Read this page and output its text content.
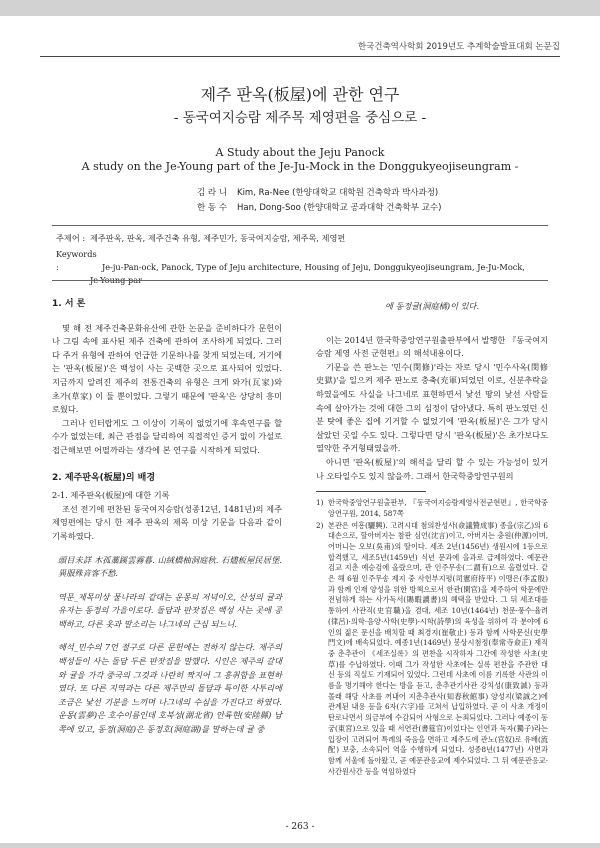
한국건축역사학회 2019년도 추계학술발표대회 논문집
제주 판옥(板屋)에 관한 연구
- 동국여지승람 제주목 제영편을 중심으로 -
A Study about the Jeju Panock
A study on the Je-Young part of the Je-Ju-Mock in the Donggukyeojiseungram -
김 라 니 Kim, Ra-Nee (한양대학교 대학원 건축학과 박사과정)
한 동 수 Han, Dong-Soo (한양대학교 공과대학 건축학부 교수)
주제어 : 제주판옥, 판옥, 제주건축 유형, 제주민가, 동국여지승람, 제주목, 제영편
Keywords :	Je-ju-Pan-ock, Panock, Type of Jeju architecture, Housing of Jeju, Donggukyeojiseungram, Je-Ju-Mock,
Je-Young par

1. 서 론

몇 해 전 제주건축문화유산에 관한 논문을 준비하다가 문헌이나 그림 속에 표사된 제주 건축에 관하여 조사하게 되었다. 그러다 주거 유형에 관하여 언급한 기문하나를 찾게 되었는데, 거기에는 '판옥(板屋)'은 백성이 사는 곳백한 곳으로 표사되어 있었다. 지금까지 알려진 제주의 전통건축의 유형은 크게 와가(瓦家)와 초가(草家) 이 둘 뿐이었다. 그렇기 때문에 '판옥'은 상당히 흥미로웠다.

그러나 인터랍게도 그 이상이 기록이 없었기에 후속연구를 할 수가 없었는데, 최근 관점을 달리하여 직접적인 증거 없이 가설로 접근해보면 어떨까라는 생각에 본 연구를 시작하게 되었다.

2. 제주판옥(板屋)의 배경

2-1. 제주판옥(板屋)에 대한 기록

조선 전기에 편찬된 동국여지승람(성종12년, 1481년)의 제주 제영편에는 당시 한 제주 판옥의 제목 미상 기문을 다음과 같이 기록하였다.

頭目未詳 木孤藁蹊雲霧暮. 山絨橋柚洞庭秋. 石燼板屋民居堡. 異服殊音客不愁.

역문_제목미상 물나라의 같대는 운몽의 저녁이오, 산성의 귤과 유자는 동정의 가을이로다. 돌담과 판잣집은 백성 사는 곳에 공백하고, 다른 옷과 말소리는 나그네의 근심 되느니.

해석_민수의 7언 절구로 다른 문헌에는 전하지 않는다. 제주의 백성들이 사는 돌담 두른 판잣집을 말했다. 시인은 제주의 갈대와 귤을 가각 중국의 그것과 나란히 짝지어 그 흥취함을 표현하였다. 또 다른 지역과는 다른 제주만의 돌담과 특이한 사투리에 조금은 낯선 기분을 느끼며 나그네의 수심을 가진다고 하였다. 운몽(雲夢)은 호수이름인데 호북성(湖北省) 안륙현(安陸縣) 남쪽에 있고, 동정(洞庭)은 동정호(洞庭湖)를 말하는데 귤 중

에 동정귤(洞庭橘)이 있다.

이는 2014년 한국학중앙연구원출판부에서 발행한 『동국여지승람 제영 사전 군현편』의 해석내용이다.

기문을 쓴 판노는 '민수(閔修)'라는 자로 당시 '민수사옥(閔修史獄)'을 일으켜 제주 판노로 충축(充軍)되었던 이로, 신분추락을 하였을에도 사실을 나그네로 표현하면서 낯선 땅의 낯선 사람들 속에 살아가는 것에 대한 그의 심정이 담아냈다. 특히 판노였던 신분 탓에 좋은 집에 기거할 수 없었기에 '판옥(板屋)'은 그가 당시 살았던 곳일 수도 있다. 그렇다면 당시 '판옥(板屋)'은 초가보다도 열약한 주거형태였을까.

아니면 '판옥(板屋)'의 해석을 달리 할 수 있는 가능성이 있거나 오타일수도 있지 않을까. 그래서 한국학중앙연구원의

1) 한국학중앙연구원출판부, 『동국여지승람제영사전군현편』, 한국학중앙연구원, 2014, 587쪽

2) 본관은 여흥(驪興). 고려시대 첨의찬성사(僉議贊成事) 종을(宗乙)의 6대손으로, 할아버지는 참판 심언(沈言)이고, 아버지는 충원(仲源)이며, 어머니는 오보(吳甫)의 딸이다. 세조 2년(1456년) 생원시에 1등으로 합격했고, 세조5년(1459년) 식년 문과에 을과로 급제하였다. 예문관 검교 지춘 예승검에 올랐으며, 관 인주무송(二謂有)으로 올렸었다. 같은 해 6월 인주무송 제지 중 사헌부지평(司憲府持平) 이맹은(李孟殷)과 함께 인재 양성을 위한 방책으로서 한관(閑官)을 제주하여 학문에만 전념하게 하는 사가독서(賜暇讀書)의 혜택을 받았다. 그 뒤 세조대를 통하여 사관직(史官職)을 겸대, 세조 10년(1464년) 천문·풍수·율려(律呂)·의학·음양·사학(史學)·시학(詩學)의 육성을 위하여 각 분야에 6인의 젊은 문신을 배치할 때 최경지(崔敬止) 등과 함께 사학문신(史學門文)에 배속되었다. 예종1년(1469년) 봉상시첨정(奉常寺僉正) 재직 중 춘추관이 《세조실록》의 편찬을 시작하자 그간에 작성한 사초(史草)를 수납하였다. 이때 그가 작성한 사초에는 실록 편찬을 주관한 대신 등의 직실도 기재되어 있었다. 그런데 사초에 이름 기록한 사관의 이름을 명기해야 한다는 방을 듣고, 춘추관기사관 강치성(康致誠) 등과 몰래 해당 사초를 꺼내어 지춘추관사(知春秋館事) 양성지(梁誠之)에 관계된 내용 등을 6자(六字)를 고쳐서 납입하였다. 곧 이 사초 개정이 탄로나면서 의금부에 수감되어 사형으로 논죄되었다. 그러나 예종이 동궁(東宮)으로 있을 때 서연관(書筵官)이었다는 인연과 독자(獨子)라는 입장이 고려되어 특례의 죽음을 면하고 제주도에 관노(官奴)로 유배(流配) 보충, 소속되어 역을 수행하게 되었다. 성종8년(1477년) 사면과 함께 서울에 돌아왔고, 곧 예문관응교에 제수되었다. 그 뒤 예문관응교·사간원사간 등을 역임하였다

- 263 -
